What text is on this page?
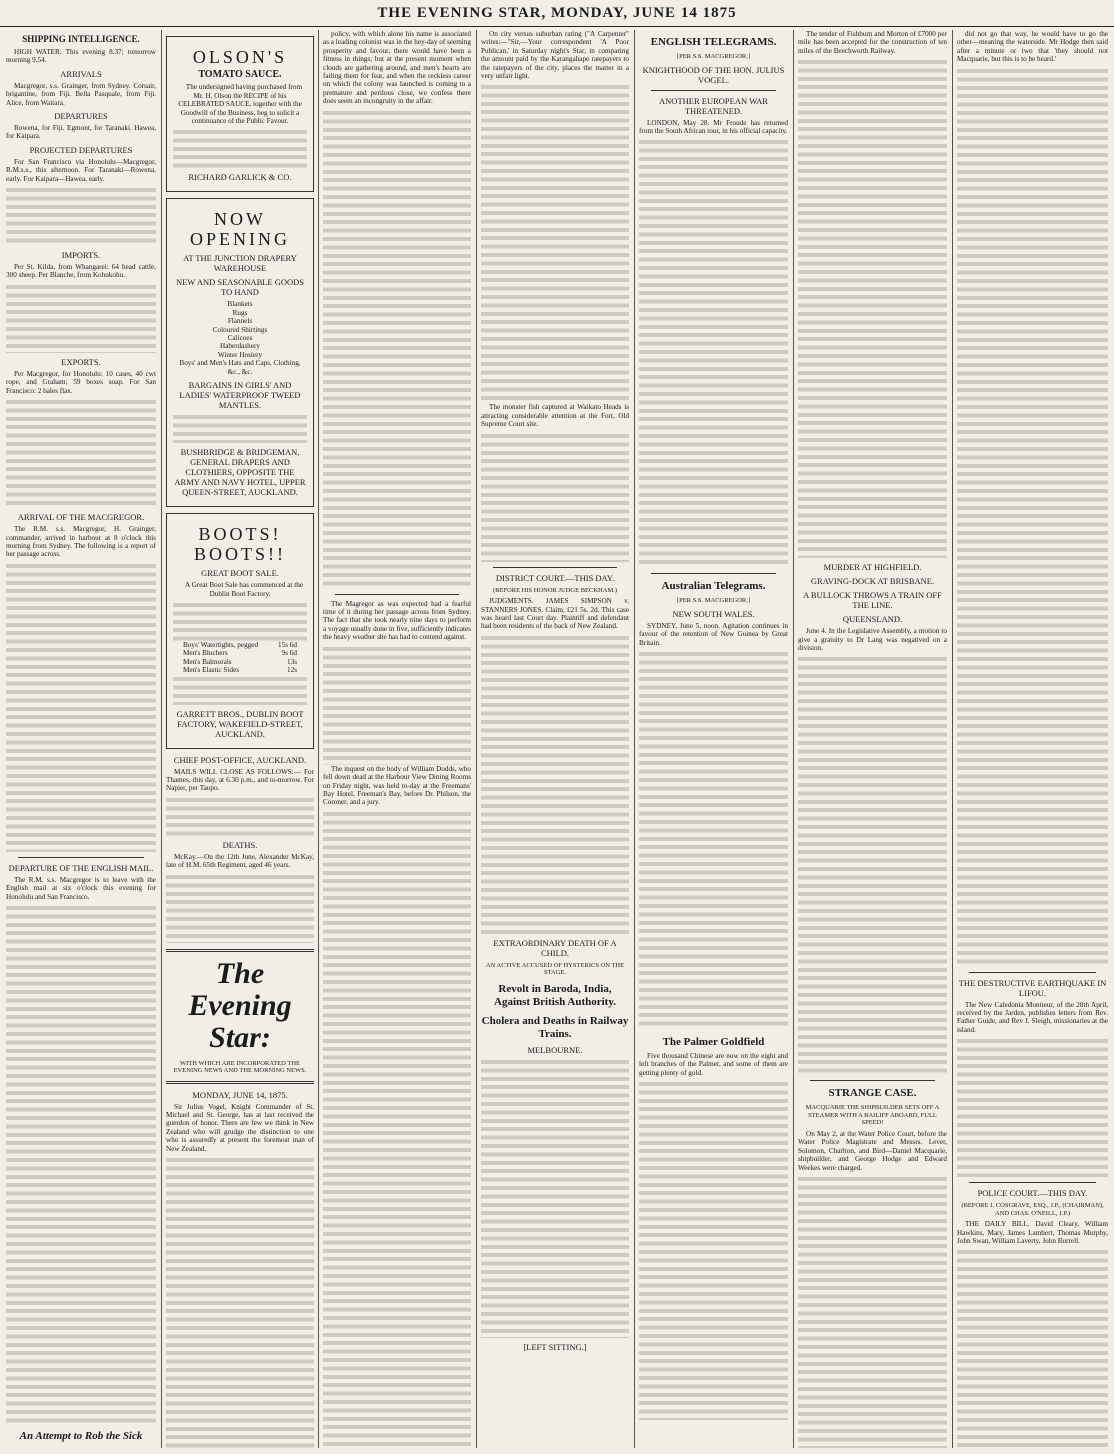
THE EVENING STAR, MONDAY, JUNE 14 1875
SHIPPING INTELLIGENCE.

HIGH WATER: This evening 8.37; tomorrow morning 9.54.

ARRIVALS

Macgregor, s.s. Grainger, from Sydney. Corsair, brigantine, from Fiji. Bella Pasquale, from Fiji. Alice, from Waitara.

DEPARTURES

Rowena, for Fiji. Egmont, for Taranaki. Hawea, for Kaipara.

PROJECTED DEPARTURES

For San Francisco via Honolulu—Macgregor, R.M.s.s., this afternoon. For Taranaki—Rowena, early. For Kaipara—Hawea, early.

IMPORTS.

Per St. Kilda, from Whangarei: 64 head cattle, 300 sheep. Per Blanche, from Kohukohu.

EXPORTS.

Per Macgregor, for Honolulu: 10 cases, 40 cwt rope, and Graham; 59 boxes soap. For San Francisco: 2 bales flax.

ARRIVAL OF THE MACGREGOR.

The R.M. s.s. Macgregor, H. Grainger, commander, arrived in harbour at 8 o'clock this morning from Sydney. The following is a report of her passage across.

DEPARTURE OF THE ENGLISH MAIL.

The R.M. s.s. Macgregor is to leave with the English mail at six o'clock this evening for Honolulu and San Francisco.

An Attempt to Rob the Sick
OLSON'S
TOMATO SAUCE.

The undersigned having purchased from Mr. H. Olson the RECIPE of his CELEBRATED SAUCE, together with the Goodwill of the Business, beg to solicit a continuance of the Public Favour.

RICHARD GARLICK & CO.
NOW OPENING
AT THE JUNCTION DRAPERY WAREHOUSE
NEW AND SEASONABLE GOODS TO HAND
Blankets
Rugs
Flannels
Coloured Shirtings
Calicoes
Haberdashery
Winter Hosiery
Boys' and Men's Hats and Caps, Clothing, &c., &c.
BARGAINS IN GIRLS' AND LADIES' WATERPROOF TWEED MANTLES.
BUSHBRIDGE & BRIDGEMAN, GENERAL DRAPERS AND CLOTHIERS, OPPOSITE THE ARMY AND NAVY HOTEL, UPPER QUEEN-STREET, AUCKLAND.
BOOTS! BOOTS!!
GREAT BOOT SALE.

A Great Boot Sale has commenced at the Dublin Boot Factory.

Boys' Watertights, pegged	15s 6d
Men's Bluchers	9s 6d
Men's Balmorals	13s
Men's Elastic Sides	12s
GARRETT BROS., DUBLIN BOOT FACTORY, WAKEFIELD-STREET, AUCKLAND.
CHIEF POST-OFFICE, AUCKLAND.

MAILS WILL CLOSE AS FOLLOWS:— For Thames, this day, at 6.30 p.m., and to-morrow. For Napier, per Taupo.

DEATHS.

McKay.—On the 12th June, Alexander McKay, late of H.M. 65th Regiment, aged 46 years.

The Evening Star:
WITH WHICH ARE INCORPORATED THE EVENING NEWS AND THE MORNING NEWS.
MONDAY, JUNE 14, 1875.

Sir Julius Vogel, Knight Commander of St. Michael and St. George, has at last received the guerdon of honor. There are few we think in New Zealand who will grudge the distinction to one who is assuredly at present the foremost man of New Zealand.

policy, with which alone his name is associated as a leading colonist was in the hey-day of seeming prosperity and favour, there would have been a fitness in things; but at the present moment when clouds are gathering around, and men's hearts are failing them for fear, and when the reckless career on which the colony was launched is coming to a premature and perilous close, we confess there does seem an incongruity in the affair.

The Magregor as was expected had a fearful time of it during her passage across from Sydney. The fact that she took nearly nine days to perform a voyage usually done in five, sufficiently indicates the heavy weather she has had to contend against.

The inquest on the body of William Dodds, who fell down dead at the Harbour View Dining Rooms on Friday night, was held to-day at the Freemans' Bay Hotel, Freeman's Bay, before Dr. Philson, the Coroner, and a jury.

On city versus suburban rating ("A Carpenter" writes:—"Sir,—Your correspondent 'A Poor Publican,' in Saturday night's Star, in comparing the amount paid by the Karangahape ratepayers to the ratepayers of the city, places the matter in a very unfair light.

The monster fish captured at Waikato Heads is attracting considerable attention at the Fort, Old Supreme Court site.

DISTRICT COURT.—THIS DAY.
(BEFORE HIS HONOR JUDGE BECKHAM.)

JUDGMENTS. JAMES SIMPSON v. STANNERS JONES. Claim, £21 5s. 2d. This case was heard last Court day. Plaintiff and defendant had been residents of the back of New Zealand.

EXTRAORDINARY DEATH OF A CHILD.
AN ACTIVE ACCUSED OF HYSTERICS ON THE STAGE.
Revolt in Baroda, India, Against British Authority.
Cholera and Deaths in Railway Trains.
MELBOURNE.
[LEFT SITTING.]
ENGLISH TELEGRAMS.
[PER S.S. MACGREGOR.]
KNIGHTHOOD OF THE HON. JULIUS VOGEL.
ANOTHER EUROPEAN WAR THREATENED.

LONDON, May 28. Mr Froude has returned from the South African tour, in his official capacity.

Australian Telegrams.
[PER S.S. MACGREGOR.]
NEW SOUTH WALES.

SYDNEY, June 5, noon. Agitation continues in favour of the retention of New Guinea by Great Britain.

The Palmer Goldfield

Five thousand Chinese are now on the eight and left branches of the Palmer, and some of them are getting plenty of gold.

The tender of Fishburn and Morton of £7000 per mile has been accepted for the construction of ten miles of the Beechworth Railway.

MURDER AT HIGHFIELD.
GRAVING-DOCK AT BRISBANE.
A BULLOCK THROWS A TRAIN OFF THE LINE.
QUEENSLAND.

June 4. In the Legislative Assembly, a motion to give a gratuity to Dr Lang was negatived on a division.

STRANGE CASE.
MACQUARIE THE SHIPBUILDER SETS OFF A STEAMER WITH A BAILIFF ABOARD, FULL SPEED!

On May 2, at the Water Police Court, before the Water Police Magistrate and Messrs. Lever, Solomon, Charlton, and Bird—Daniel Macquarie, shipbuilder, and George Hodge and Edward Weekes were charged.

did not go that way, he would have to go the other—meaning the waterside. Mr Hodge then said after a minute or two that 'they should not Macquarie, but this is to be heard.'

THE DESTRUCTIVE EARTHQUAKE IN LIFOU.

The New Caledonia Moniteur, of the 28th April, received by the Jarden, publishes letters from Rev. Father Guide, and Rev J. Sleigh, missionaries at the island.

POLICE COURT.—THIS DAY.
(BEFORE J. COSGRAVE, ESQ., J.P., (CHAIRMAN), AND CHAS. O'NEILL, J.P.)

THE DAILY BILL. David Cleary, William Hawkins, Mary, James Lambert, Thomas Murphy, John Swan, William Laverty, John Burrell.
